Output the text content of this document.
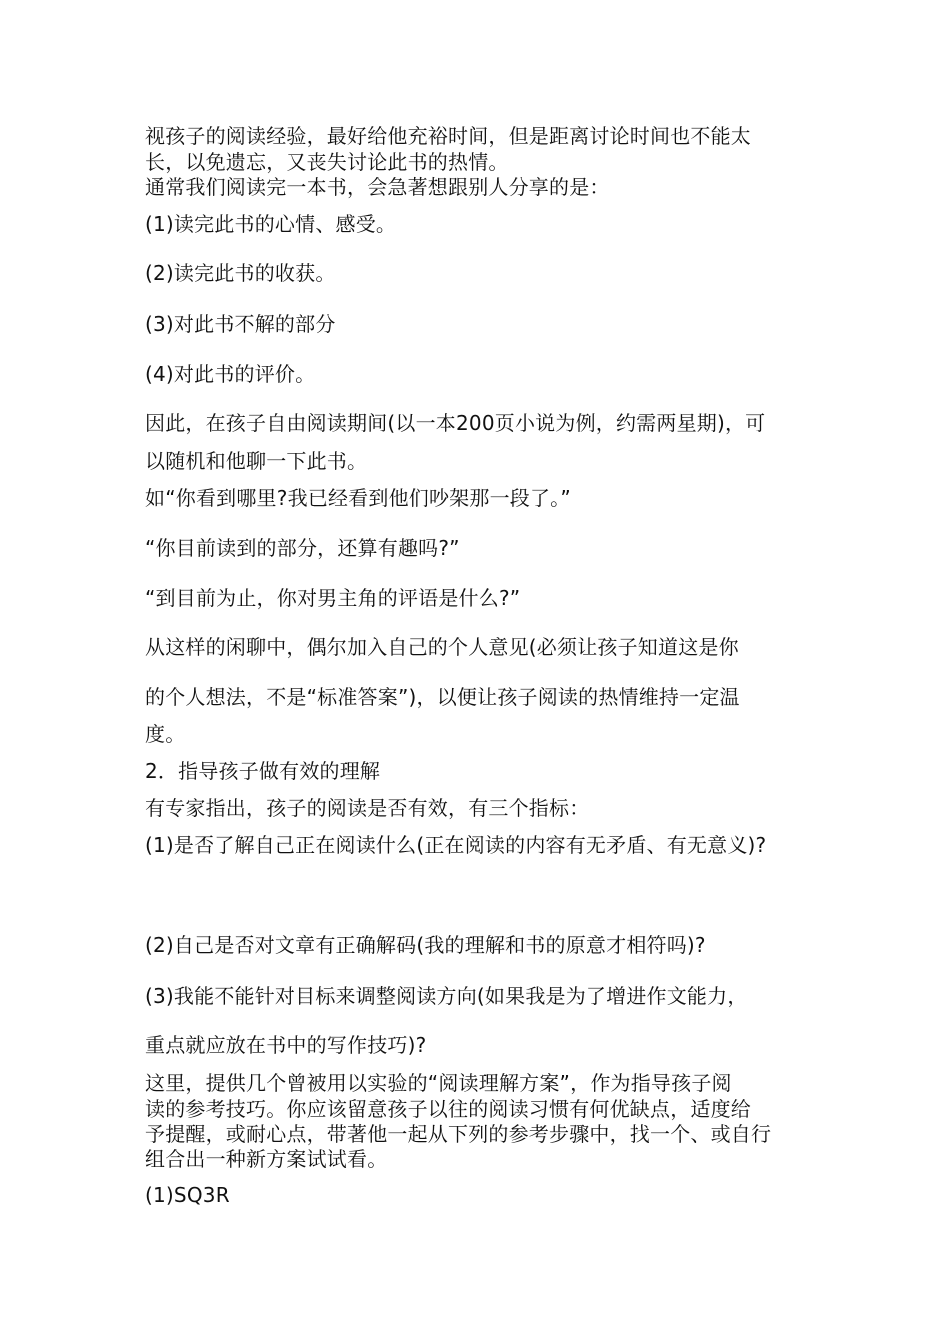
视孩子的阅读经验，最好给他充裕时间，但是距离讨论时间也不能太
长，以免遗忘，又丧失讨论此书的热情。
通常我们阅读完一本书，会急著想跟别人分享的是：
(1)读完此书的心情、感受。
(2)读完此书的收获。
(3)对此书不解的部分
(4)对此书的评价。
因此，在孩子自由阅读期间(以一本200页小说为例，约需两星期)，可
以随机和他聊一下此书。
如“你看到哪里?我已经看到他们吵架那一段了。”
“你目前读到的部分，还算有趣吗?”
“到目前为止，你对男主角的评语是什么?”
从这样的闲聊中，偶尔加入自己的个人意见(必须让孩子知道这是你
的个人想法，不是“标准答案”)，以便让孩子阅读的热情维持一定温
度。
2．指导孩子做有效的理解
有专家指出，孩子的阅读是否有效，有三个指标：
(1)是否了解自己正在阅读什么(正在阅读的内容有无矛盾、有无意义)?
(2)自己是否对文章有正确解码(我的理解和书的原意才相符吗)?
(3)我能不能针对目标来调整阅读方向(如果我是为了增进作文能力，
重点就应放在书中的写作技巧)?
这里，提供几个曾被用以实验的“阅读理解方案”，作为指导孩子阅
读的参考技巧。你应该留意孩子以往的阅读习惯有何优缺点，适度给
予提醒，或耐心点，带著他一起从下列的参考步骤中，找一个、或自行
组合出一种新方案试试看。
(1)SQ3R
